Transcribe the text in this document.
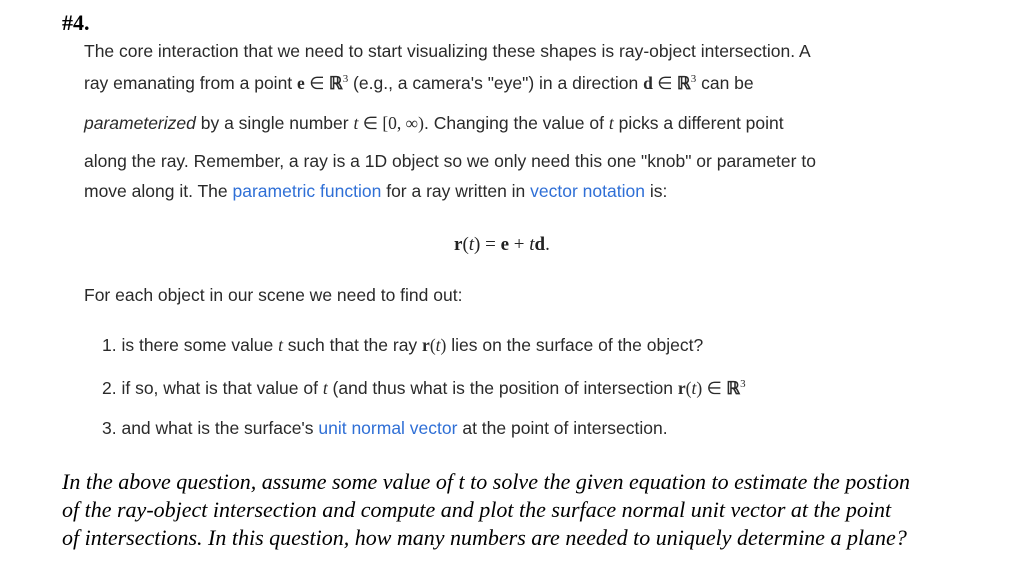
#4.
The core interaction that we need to start visualizing these shapes is ray-object intersection. A
ray emanating from a point e ∈ ℝ$^3$ (e.g., a camera's "eye") in a direction d ∈ ℝ$^3$ can be
parameterized by a single number t ∈ [0, ∞). Changing the value of t picks a different point
along the ray. Remember, a ray is a 1D object so we only need this one "knob" or parameter to
move along it. The parametric function for a ray written in vector notation is:
r(t) = e + td.
For each object in our scene we need to find out:
1. is there some value t such that the ray r(t) lies on the surface of the object?
2. if so, what is that value of t (and thus what is the position of intersection r(t) ∈ ℝ$^3$
3. and what is the surface's unit normal vector at the point of intersection.
In the above question, assume some value of t to solve the given equation to estimate the postion
of the ray-object intersection and compute and plot the surface normal unit vector at the point
of intersections. In this question, how many numbers are needed to uniquely determine a plane?
